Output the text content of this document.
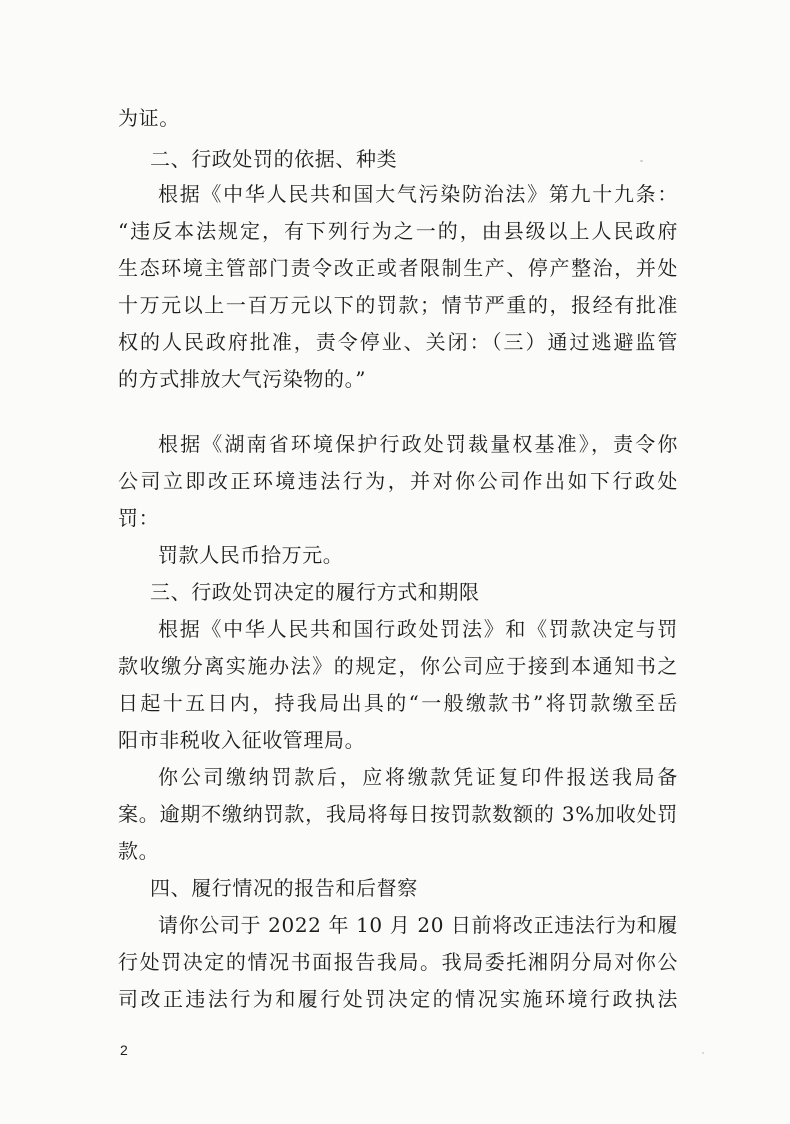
为证。
二、行政处罚的依据、种类
根据《中华人民共和国大气污染防治法》第九十九条：
“违反本法规定，有下列行为之一的，由县级以上人民政府
生态环境主管部门责令改正或者限制生产、停产整治，并处
十万元以上一百万元以下的罚款；情节严重的，报经有批准
权的人民政府批准，责令停业、关闭：（三）通过逃避监管
的方式排放大气污染物的。”
根据《湖南省环境保护行政处罚裁量权基准》，责令你
公司立即改正环境违法行为，并对你公司作出如下行政处
罚：
罚款人民币拾万元。
三、行政处罚决定的履行方式和期限
根据《中华人民共和国行政处罚法》和《罚款决定与罚
款收缴分离实施办法》的规定，你公司应于接到本通知书之
日起十五日内，持我局出具的“一般缴款书”将罚款缴至岳
阳市非税收入征收管理局。
你公司缴纳罚款后，应将缴款凭证复印件报送我局备
案。逾期不缴纳罚款，我局将每日按罚款数额的 3%加收处罚
款。
四、履行情况的报告和后督察
请你公司于 2022 年 10 月 20 日前将改正违法行为和履
行处罚决定的情况书面报告我局。我局委托湘阴分局对你公
司改正违法行为和履行处罚决定的情况实施环境行政执法
2
